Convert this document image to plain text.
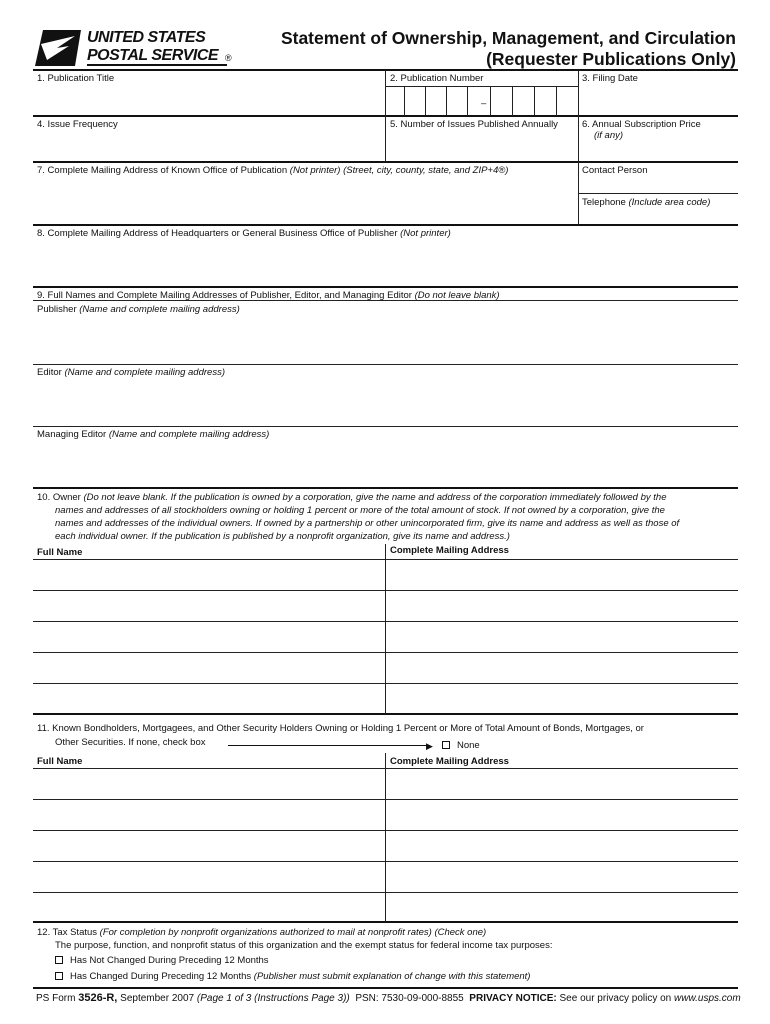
UNITED STATES
POSTAL SERVICE ®
Statement of Ownership, Management, and Circulation
(Requester Publications Only)
–
1. Publication Title	2. Publication Number	3. Filing Date
4. Issue Frequency	5. Number of Issues Published Annually	6. Annual Subscription Price
(if any)
7. Complete Mailing Address of Known Office of Publication (Not printer) (Street, city, county, state, and ZIP+4®)	Contact Person
Telephone (Include area code)
8. Complete Mailing Address of Headquarters or General Business Office of Publisher (Not printer)
9. Full Names and Complete Mailing Addresses of Publisher, Editor, and Managing Editor (Do not leave blank)
Publisher (Name and complete mailing address)
Editor (Name and complete mailing address)
Managing Editor (Name and complete mailing address)
10. Owner (Do not leave blank. If the publication is owned by a corporation, give the name and address of the corporation immediately followed by the
names and addresses of all stockholders owning or holding 1 percent or more of the total amount of stock. If not owned by a corporation, give the
names and addresses of the individual owners. If owned by a partnership or other unincorporated firm, give its name and address as well as those of
each individual owner. If the publication is published by a nonprofit organization, give its name and address.)
Full Name	Complete Mailing Address
11. Known Bondholders, Mortgagees, and Other Security Holders Owning or Holding 1 Percent or More of Total Amount of Bonds, Mortgages, or
Other Securities. If none, check box	▶	None
Full Name	Complete Mailing Address
12. Tax Status (For completion by nonprofit organizations authorized to mail at nonprofit rates) (Check one)
The purpose, function, and nonprofit status of this organization and the exempt status for federal income tax purposes:
Has Not Changed During Preceding 12 Months
Has Changed During Preceding 12 Months (Publisher must submit explanation of change with this statement)
PS Form 3526-R, September 2007 (Page 1 of 3 (Instructions Page 3)) PSN: 7530-09-000-8855 PRIVACY NOTICE: See our privacy policy on www.usps.com
